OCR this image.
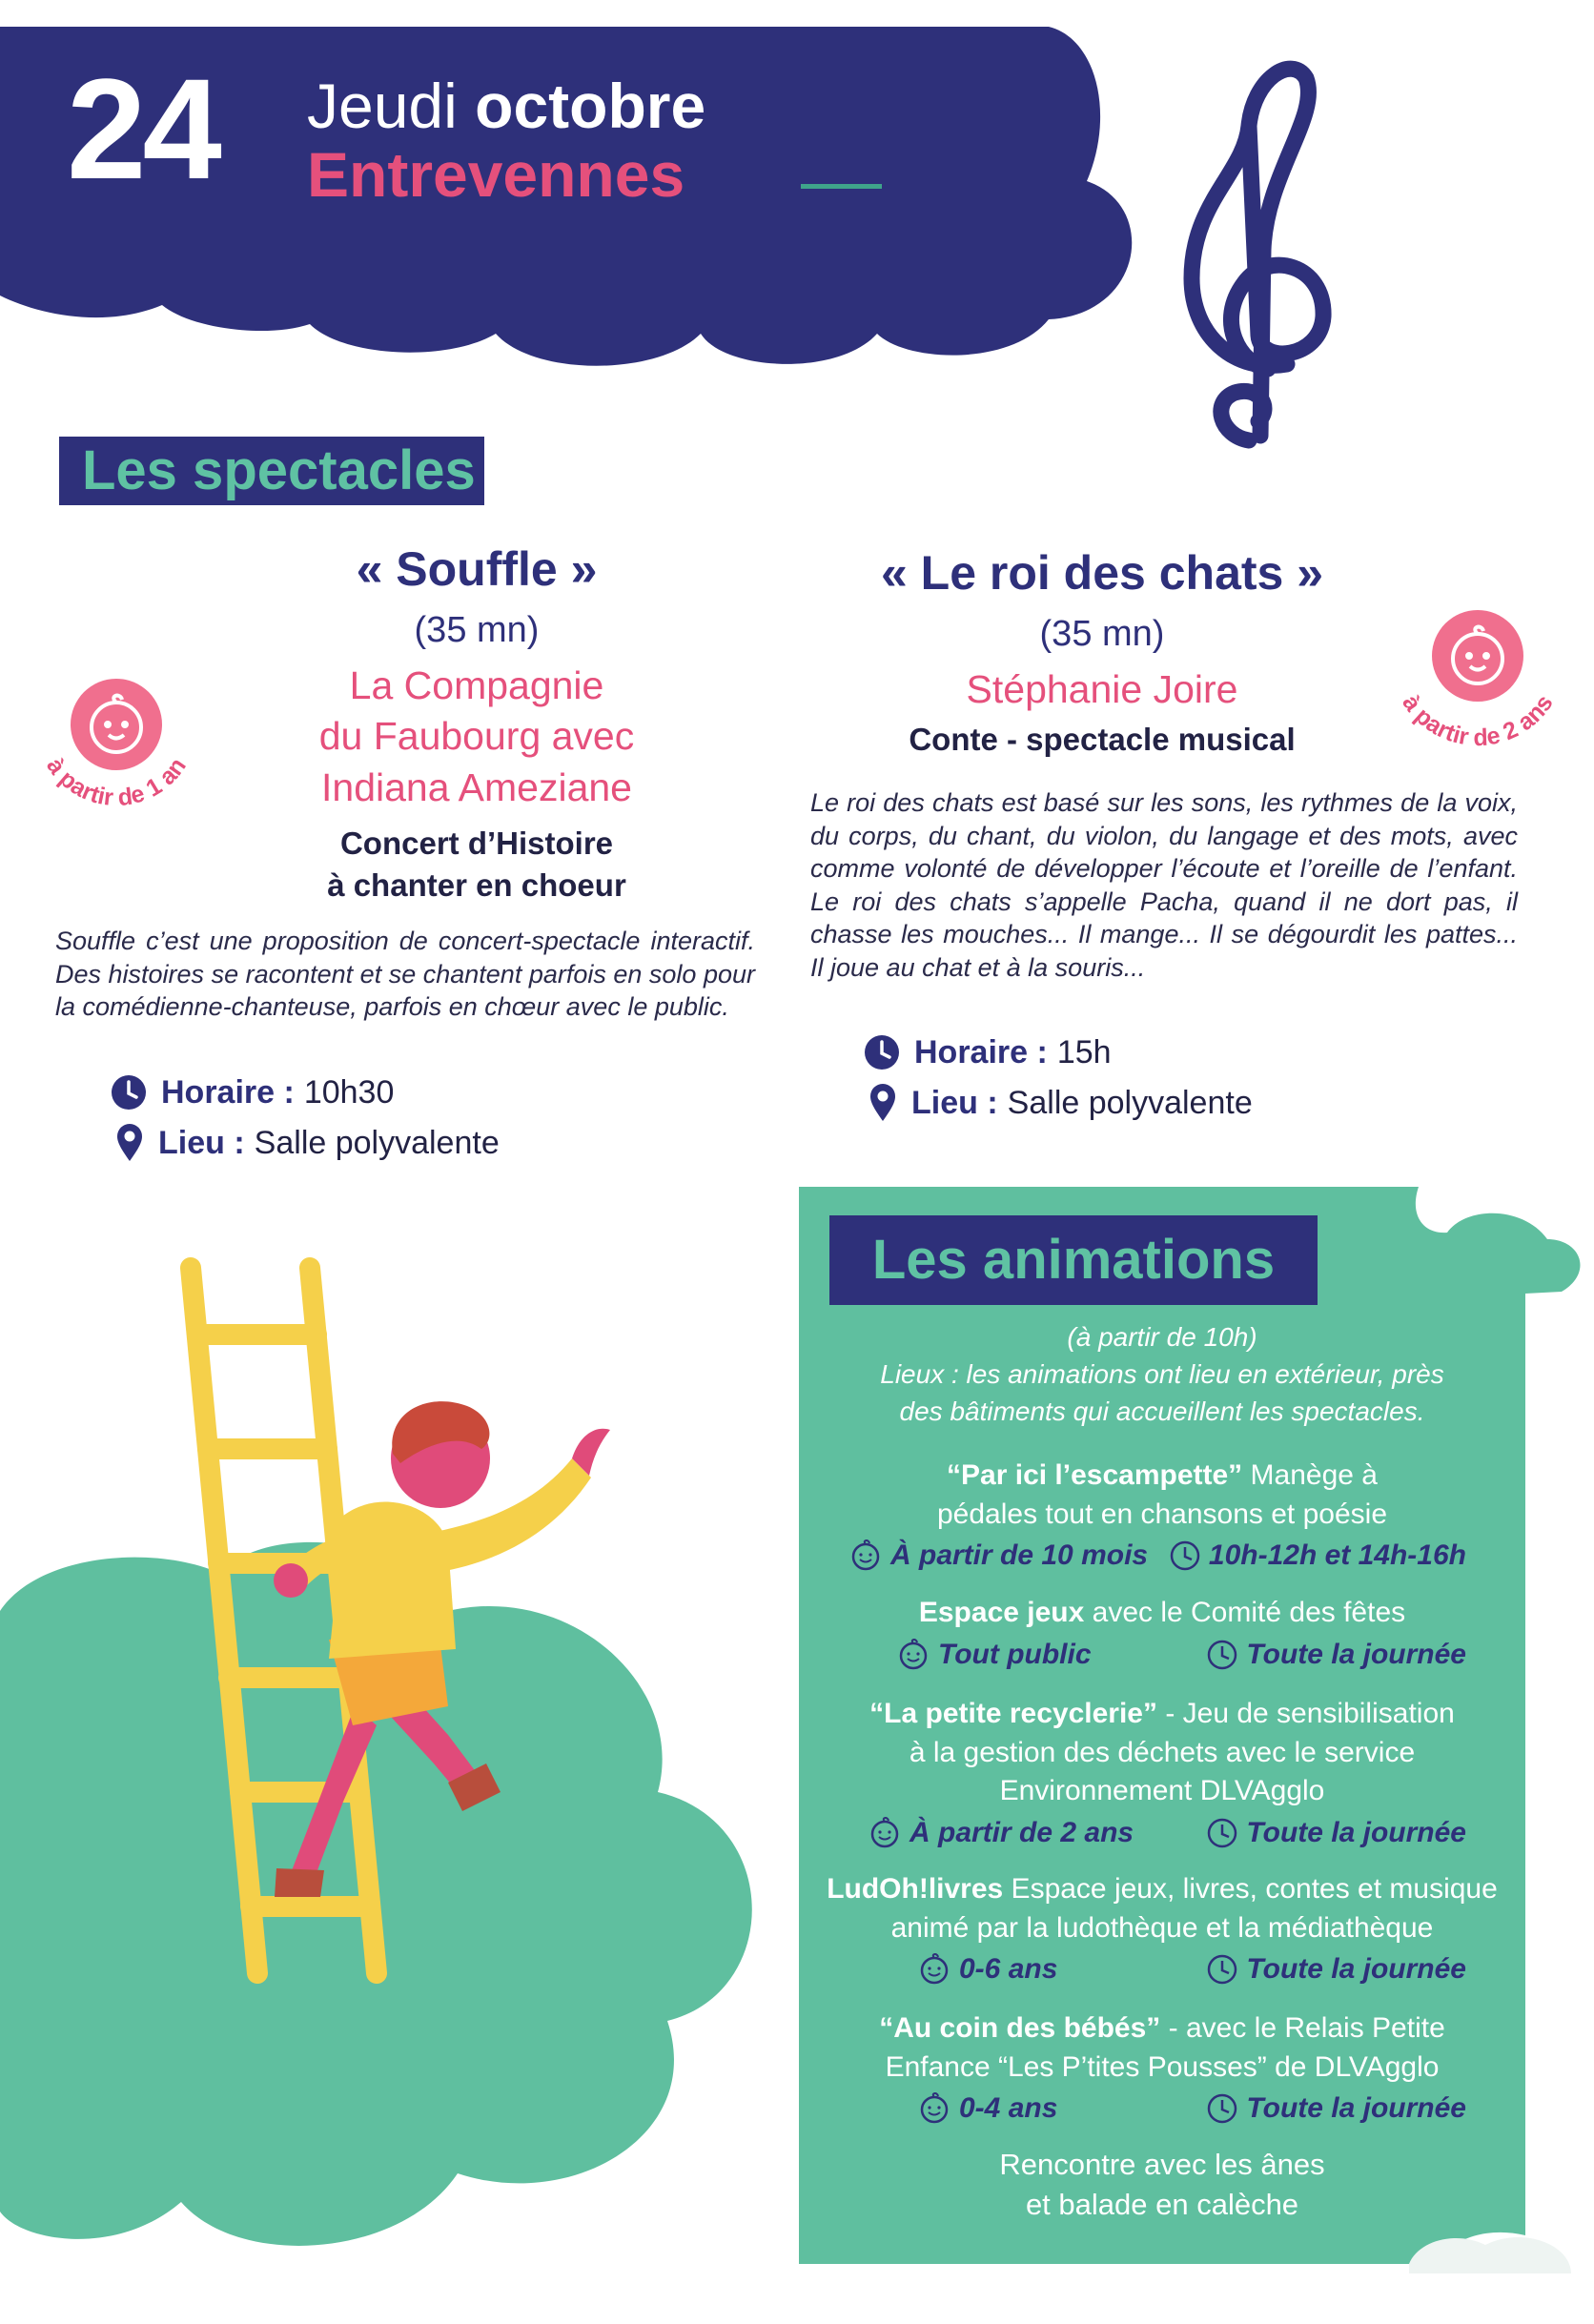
24 Jeudi octobre
Entrevennes
Les spectacles
« Souffle »
(35 mn)
La Compagnie
du Faubourg avec
Indiana Ameziane
Concert d’Histoire
à chanter en choeur
à partir de 1 an
Souffle c’est une proposition de concert-spectacle interactif. Des histoires se racontent et se chantent parfois en solo pour la comédienne-chanteuse, parfois en chœur avec le public.
Horaire : 10h30
Lieu : Salle polyvalente
« Le roi des chats »
(35 mn)
Stéphanie Joire
Conte - spectacle musical
à partir de 2 ans
Le roi des chats est basé sur les sons, les rythmes de la voix, du corps, du chant, du violon, du langage et des mots, avec comme volonté de développer l’écoute et l’oreille de l’enfant. Le roi des chats s’appelle Pacha, quand il ne dort pas, il chasse les mouches... Il mange... Il se dégourdit les pattes... Il joue au chat et à la souris...
Horaire : 15h
Lieu : Salle polyvalente
Les animations
(à partir de 10h)
Lieux : les animations ont lieu en extérieur, près
des bâtiments qui accueillent les spectacles.
“Par ici l’escampette” Manège à
pédales tout en chansons et poésie
À partir de 10 mois 10h-12h et 14h-16h
Espace jeux avec le Comité des fêtes
Tout public	Toute la journée
“La petite recyclerie” - Jeu de sensibilisation
à la gestion des déchets avec le service
Environnement DLVAgglo
À partir de 2 ans	Toute la journée
LudOh!livres Espace jeux, livres, contes et musique
animé par la ludothèque et la médiathèque
0-6 ans	Toute la journée
“Au coin des bébés” - avec le Relais Petite
Enfance “Les P’tites Pousses” de DLVAgglo
0-4 ans	Toute la journée
Rencontre avec les ânes
et balade en calèche
